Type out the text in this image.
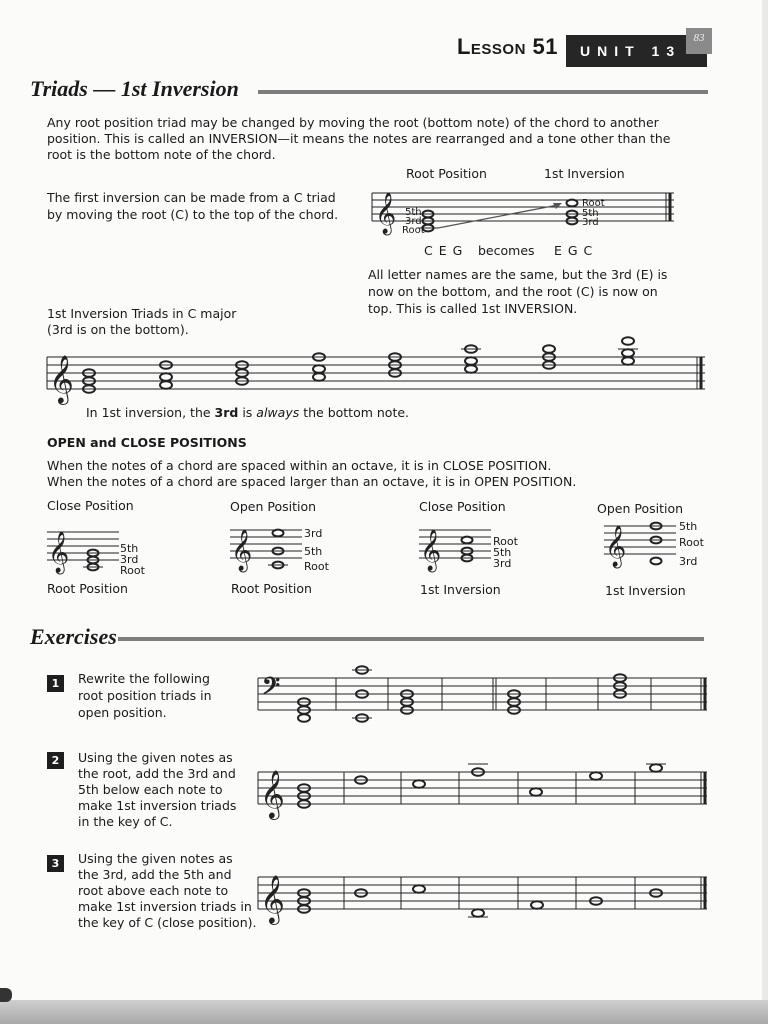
Lesson 51	UNIT 13
83
Triads — 1st Inversion
Any root position triad may be changed by moving the root (bottom note) of the chord to another
position. This is called an INVERSION—it means the notes are rearranged and a tone other than the
root is the bottom note of the chord.
The first inversion can be made from a C triad
by moving the root (C) to the top of the chord.
Root Position	1st Inversion
𝄞 5th
3rd
Root
Root
5th
3rd
C E G becomes E G C
All letter names are the same, but the 3rd (E) is
now on the bottom, and the root (C) is now on
top. This is called 1st INVERSION.
1st Inversion Triads in C major
(3rd is on the bottom).
𝄞
In 1st inversion, the 3rd is always the bottom note.
OPEN and CLOSE POSITIONS
When the notes of a chord are spaced within an octave, it is in CLOSE POSITION.
When the notes of a chord are spaced larger than an octave, it is in OPEN POSITION.
Close Position	Open Position	Close Position	Open Position
𝄞	5th
3rd
Root
Root Position
𝄞	3rd
5th
Root
Root Position
𝄞	Root
5th
3rd
1st Inversion
𝄞	5th
Root
3rd
1st Inversion
Exercises
1	Rewrite the following
root position triads in
open position.
𝄢
2	Using the given notes as
the root, add the 3rd and
5th below each note to
make 1st inversion triads
in the key of C.
𝄞
3	Using the given notes as
the 3rd, add the 5th and
root above each note to
make 1st inversion triads in
the key of C (close position). 𝄞
